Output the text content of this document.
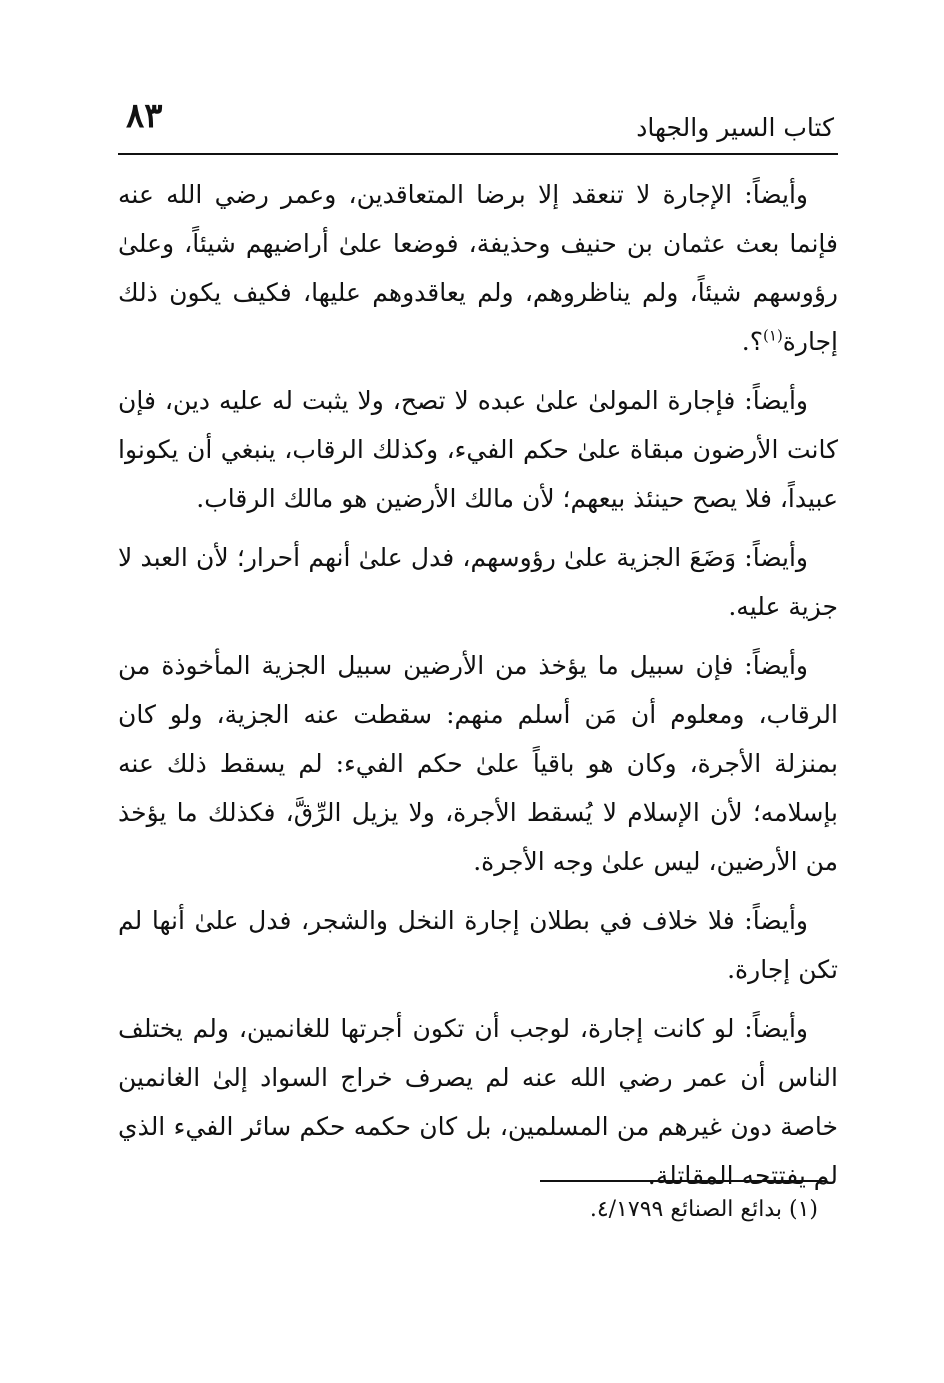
كتاب السير والجهاد
٨٣

وأيضاً: الإجارة لا تنعقد إلا برضا المتعاقدين، وعمر رضي الله عنه فإنما بعث عثمان بن حنيف وحذيفة، فوضعا علىٰ أراضيهم شيئاً، وعلىٰ رؤوسهم شيئاً، ولم يناظروهم، ولم يعاقدوهم عليها، فكيف يكون ذلك إجارة$^{(١)}$؟.

وأيضاً: فإجارة المولىٰ علىٰ عبده لا تصح، ولا يثبت له عليه دين، فإن كانت الأرضون مبقاة علىٰ حكم الفيء، وكذلك الرقاب، ينبغي أن يكونوا عبيداً، فلا يصح حينئذ بيعهم؛ لأن مالك الأرضين هو مالك الرقاب.

وأيضاً: وَضَعَ الجزية علىٰ رؤوسهم، فدل علىٰ أنهم أحرار؛ لأن العبد لا جزية عليه.

وأيضاً: فإن سبيل ما يؤخذ من الأرضين سبيل الجزية المأخوذة من الرقاب، ومعلوم أن مَن أسلم منهم: سقطت عنه الجزية، ولو كان بمنزلة الأجرة، وكان هو باقياً علىٰ حكم الفيء: لم يسقط ذلك عنه بإسلامه؛ لأن الإسلام لا يُسقط الأجرة، ولا يزيل الرِّقَّ، فكذلك ما يؤخذ من الأرضين، ليس علىٰ وجه الأجرة.

وأيضاً: فلا خلاف في بطلان إجارة النخل والشجر، فدل علىٰ أنها لم تكن إجارة.

وأيضاً: لو كانت إجارة، لوجب أن تكون أجرتها للغانمين، ولم يختلف الناس أن عمر رضي الله عنه لم يصرف خراج السواد إلىٰ الغانمين خاصة دون غيرهم من المسلمين، بل كان حكمه حكم سائر الفيء الذي لم يفتتحه المقاتلة.

(١) بدائع الصنائع ٤/١٧٩٩.
